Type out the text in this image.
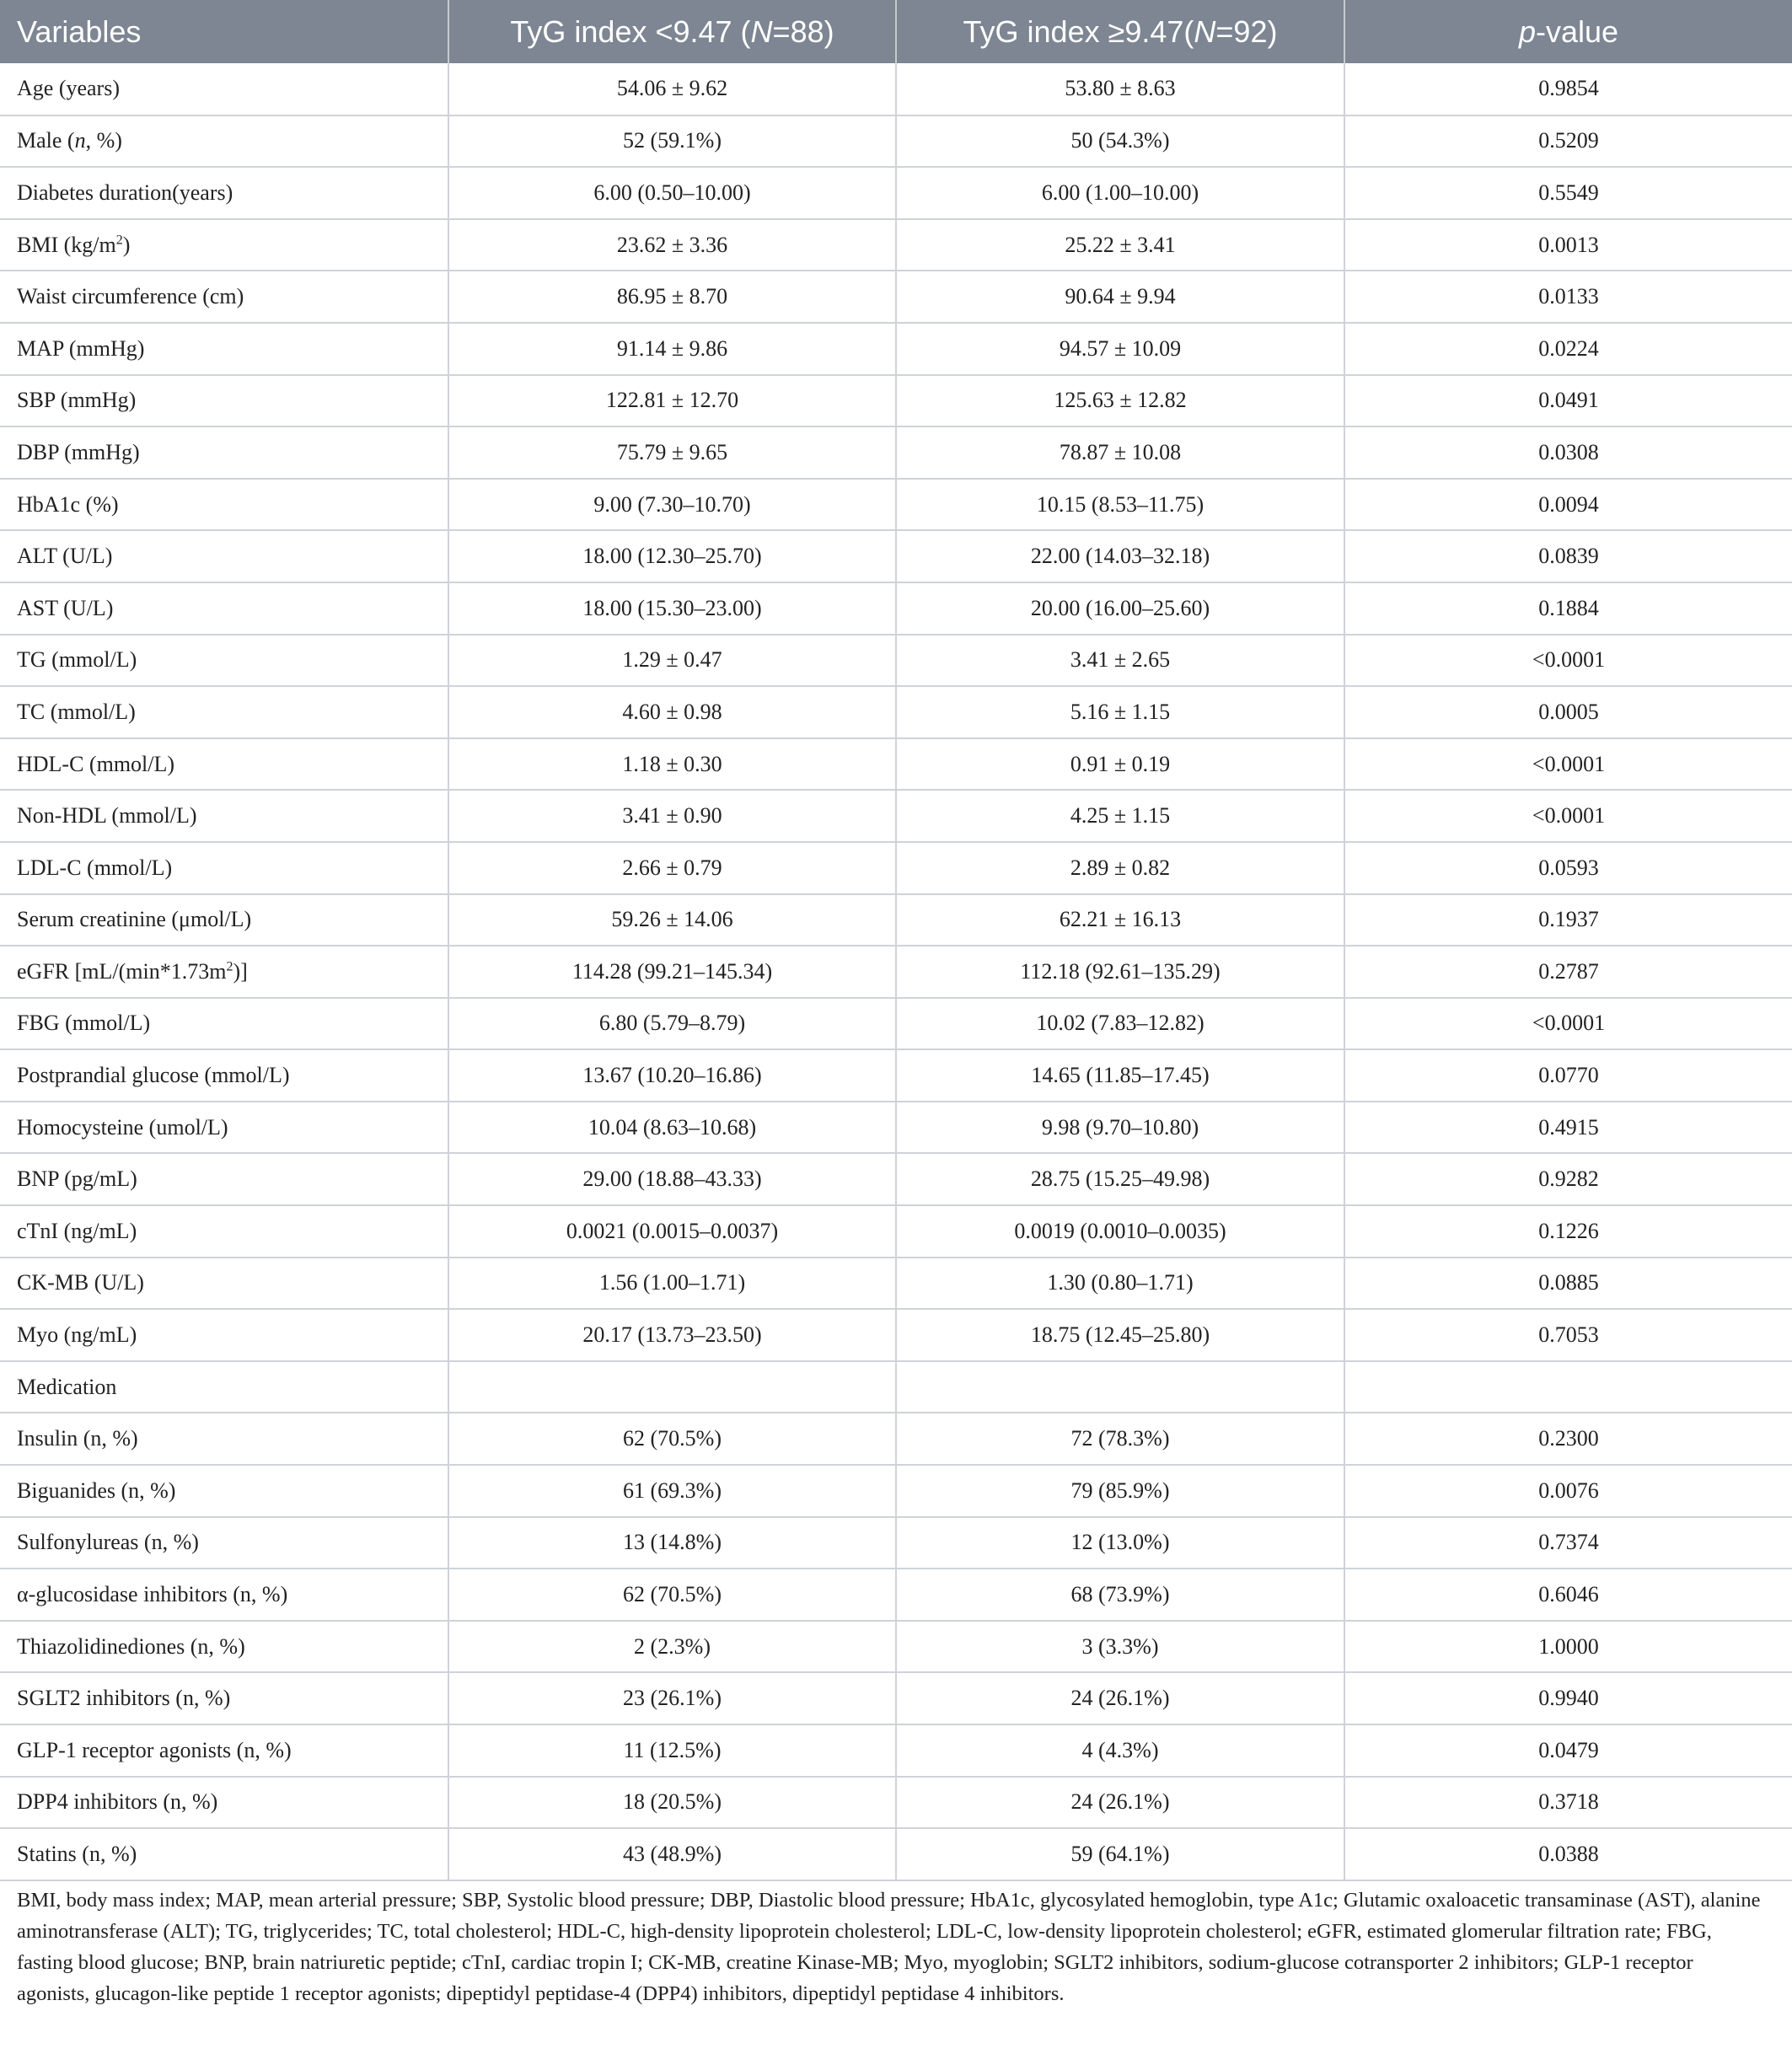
Variables	TyG index <9.47 (N=88)	TyG index ≥9.47(N=92)	p-value
Age (years)	54.06 ± 9.62	53.80 ± 8.63	0.9854
Male (n, %)	52 (59.1%)	50 (54.3%)	0.5209
Diabetes duration(years)	6.00 (0.50–10.00)	6.00 (1.00–10.00)	0.5549
BMI $(kg/m^2)$	23.62 ± 3.36	25.22 ± 3.41	0.0013
Waist circumference (cm)	86.95 ± 8.70	90.64 ± 9.94	0.0133
MAP (mmHg)	91.14 ± 9.86	94.57 ± 10.09	0.0224
SBP (mmHg)	122.81 ± 12.70	125.63 ± 12.82	0.0491
DBP (mmHg)	75.79 ± 9.65	78.87 ± 10.08	0.0308
HbA1c (%)	9.00 (7.30–10.70)	10.15 (8.53–11.75)	0.0094
ALT (U/L)	18.00 (12.30–25.70)	22.00 (14.03–32.18)	0.0839
AST (U/L)	18.00 (15.30–23.00)	20.00 (16.00–25.60)	0.1884
TG (mmol/L)	1.29 ± 0.47	3.41 ± 2.65	<0.0001
TC (mmol/L)	4.60 ± 0.98	5.16 ± 1.15	0.0005
HDL-C (mmol/L)	1.18 ± 0.30	0.91 ± 0.19	<0.0001
Non-HDL (mmol/L)	3.41 ± 0.90	4.25 ± 1.15	<0.0001
LDL-C (mmol/L)	2.66 ± 0.79	2.89 ± 0.82	0.0593
Serum creatinine (μmol/L)	59.26 ± 14.06	62.21 ± 16.13	0.1937
eGFR $[mL/(\min*1.73m^2)]$	114.28 (99.21–145.34)	112.18 (92.61–135.29)	0.2787
FBG (mmol/L)	6.80 (5.79–8.79)	10.02 (7.83–12.82)	<0.0001
Postprandial glucose (mmol/L)	13.67 (10.20–16.86)	14.65 (11.85–17.45)	0.0770
Homocysteine (umol/L)	10.04 (8.63–10.68)	9.98 (9.70–10.80)	0.4915
BNP (pg/mL)	29.00 (18.88–43.33)	28.75 (15.25–49.98)	0.9282
cTnI (ng/mL)	0.0021 (0.0015–0.0037)	0.0019 (0.0010–0.0035)	0.1226
CK-MB (U/L)	1.56 (1.00–1.71)	1.30 (0.80–1.71)	0.0885
Myo (ng/mL)	20.17 (13.73–23.50)	18.75 (12.45–25.80)	0.7053
Medication			
Insulin (n, %)	62 (70.5%)	72 (78.3%)	0.2300
Biguanides (n, %)	61 (69.3%)	79 (85.9%)	0.0076
Sulfonylureas (n, %)	13 (14.8%)	12 (13.0%)	0.7374
α-glucosidase inhibitors (n, %)	62 (70.5%)	68 (73.9%)	0.6046
Thiazolidinediones (n, %)	2 (2.3%)	3 (3.3%)	1.0000
SGLT2 inhibitors (n, %)	23 (26.1%)	24 (26.1%)	0.9940
GLP-1 receptor agonists (n, %)	11 (12.5%)	4 (4.3%)	0.0479
DPP4 inhibitors (n, %)	18 (20.5%)	24 (26.1%)	0.3718
Statins (n, %)	43 (48.9%)	59 (64.1%)	0.0388
BMI, body mass index; MAP, mean arterial pressure; SBP, Systolic blood pressure; DBP, Diastolic blood pressure; HbA1c, glycosylated hemoglobin, type A1c; Glutamic oxaloacetic transaminase (AST), alanine aminotransferase (ALT); TG, triglycerides; TC, total cholesterol; HDL-C, high-density lipoprotein cholesterol; LDL-C, low-density lipoprotein cholesterol; eGFR, estimated glomerular filtration rate; FBG, fasting blood glucose; BNP, brain natriuretic peptide; cTnI, cardiac tropin I; CK-MB, creatine Kinase-MB; Myo, myoglobin; SGLT2 inhibitors, sodium-glucose cotransporter 2 inhibitors; GLP-1 receptor agonists, glucagon-like peptide 1 receptor agonists; dipeptidyl peptidase-4 (DPP4) inhibitors, dipeptidyl peptidase 4 inhibitors.
